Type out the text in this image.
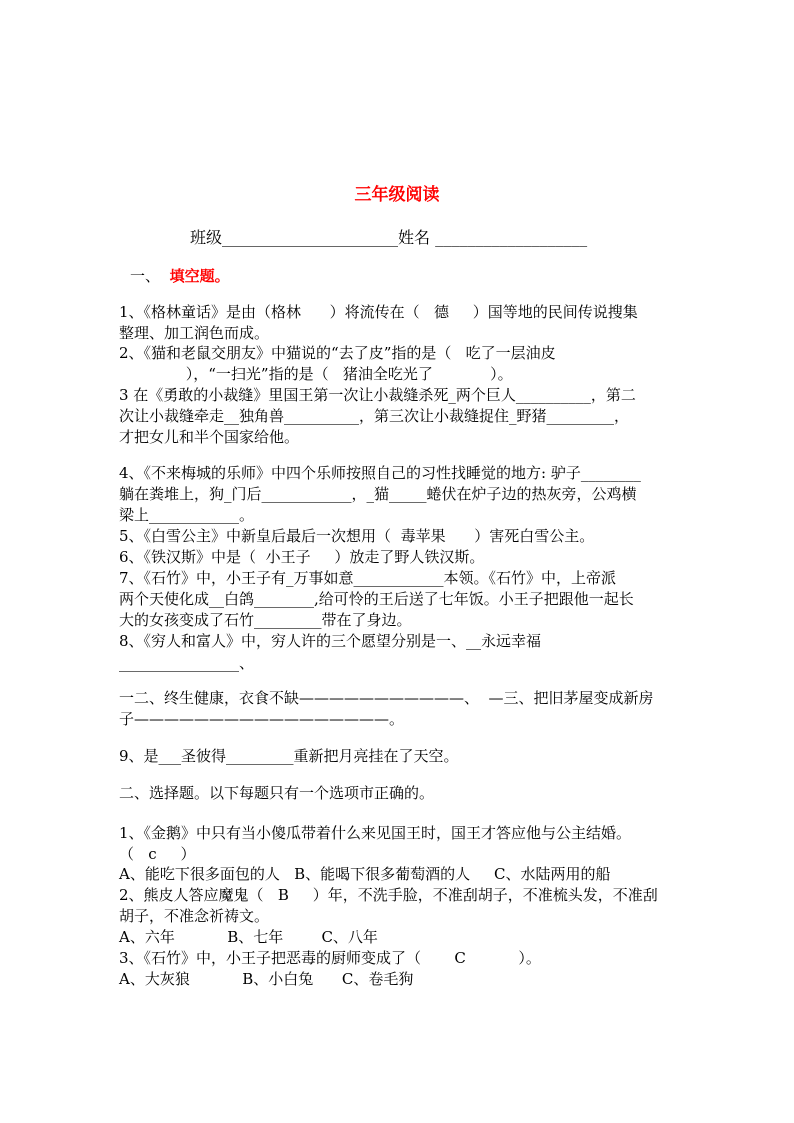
三年级阅读
班级______________________姓名 ___________________
一、 填空题。
1、《格林童话》是由（格林      ）将流传在（   德     ）国等地的民间传说搜集
整理、加工润色而成。
2、《猫和老鼠交朋友》中猫说的“去了皮”指的是（   吃了一层油皮
），“一扫光”指的是（   猪油全吃光了            ）。
3 在《勇敢的小裁缝》里国王第一次让小裁缝杀死_两个巨人__________，第二
次让小裁缝牵走__独角兽__________，第三次让小裁缝捉住_野猪_________，
才把女儿和半个国家给他。
4、《不来梅城的乐师》中四个乐师按照自己的习性找睡觉的地方: 驴子________
躺在粪堆上，狗_门后____________，_猫_____蜷伏在炉子边的热灰旁，公鸡横
梁上____________。
5、《白雪公主》中新皇后最后一次想用（  毒苹果      ）害死白雪公主。
6、《铁汉斯》中是（  小王子     ）放走了野人铁汉斯。
7、《石竹》中，小王子有_万事如意____________本领。《石竹》中，上帝派
两个天使化成__白鸽________,给可怜的王后送了七年饭。小王子把跟他一起长
大的女孩变成了石竹_________带在了身边。
8、《穷人和富人》中，穷人许的三个愿望分别是一、__永远幸福
________________、
一二、终生健康，衣食不缺———————————、  —三、把旧茅屋变成新房
子—————————————————。
9、是___圣彼得_________重新把月亮挂在了天空。
二、选择题。以下每题只有一个选项市正确的。
1、《金鹅》中只有当小傻瓜带着什么来见国王时，国王才答应他与公主结婚。
（   c     ）
A、能吃下很多面包的人   B、能喝下很多葡萄酒的人     C、水陆两用的船
2、熊皮人答应魔鬼（   B     ）年，不洗手脸，不准刮胡子，不准梳头发，不准刮
胡子，不准念祈祷文。
A、六年           B、七年        C、八年
3、《石竹》中，小王子把恶毒的厨师变成了（       C           ）。
A、大灰狼           B、小白兔      C、卷毛狗
